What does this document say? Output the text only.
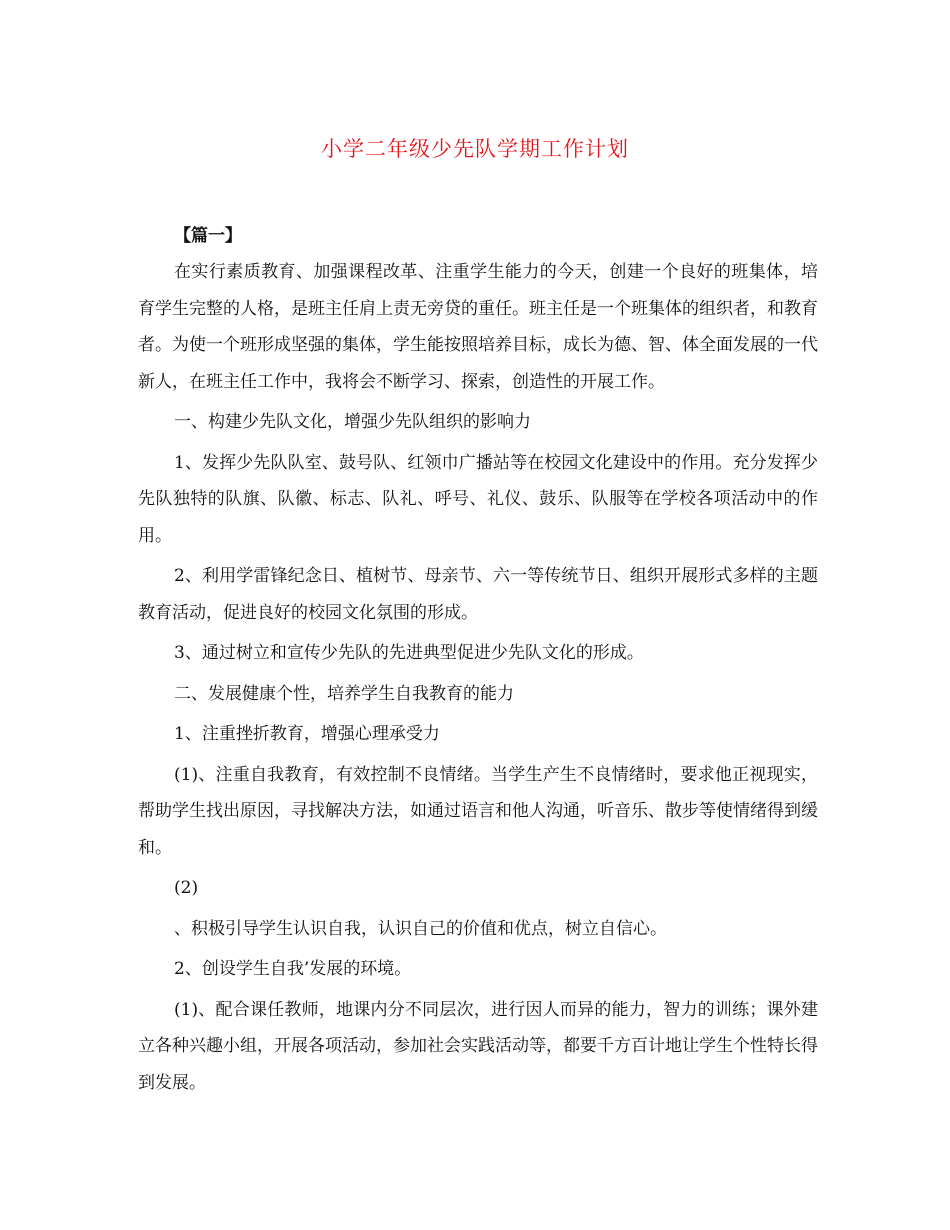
小学二年级少先队学期工作计划
【篇一】

在实行素质教育、加强课程改革、注重学生能力的今天，创建一个良好的班集体，培育学生完整的人格，是班主任肩上责无旁贷的重任。班主任是一个班集体的组织者，和教育者。为使一个班形成坚强的集体，学生能按照培养目标，成长为德、智、体全面发展的一代新人，在班主任工作中，我将会不断学习、探索，创造性的开展工作。

一、构建少先队文化，增强少先队组织的影响力

1、发挥少先队队室、鼓号队、红领巾广播站等在校园文化建设中的作用。充分发挥少先队独特的队旗、队徽、标志、队礼、呼号、礼仪、鼓乐、队服等在学校各项活动中的作用。

2、利用学雷锋纪念日、植树节、母亲节、六一等传统节日、组织开展形式多样的主题教育活动，促进良好的校园文化氛围的形成。

3、通过树立和宣传少先队的先进典型促进少先队文化的形成。

二、发展健康个性，培养学生自我教育的能力

1、注重挫折教育，增强心理承受力

(1)、注重自我教育，有效控制不良情绪。当学生产生不良情绪时，要求他正视现实，帮助学生找出原因，寻找解决方法，如通过语言和他人沟通，听音乐、散步等使情绪得到缓和。

(2)

、积极引导学生认识自我，认识自己的价值和优点，树立自信心。

2、创设学生自我’发展的环境。

(1)、配合课任教师，地课内分不同层次，进行因人而异的能力，智力的训练；课外建立各种兴趣小组，开展各项活动，参加社会实践活动等，都要千方百计地让学生个性特长得到发展。
